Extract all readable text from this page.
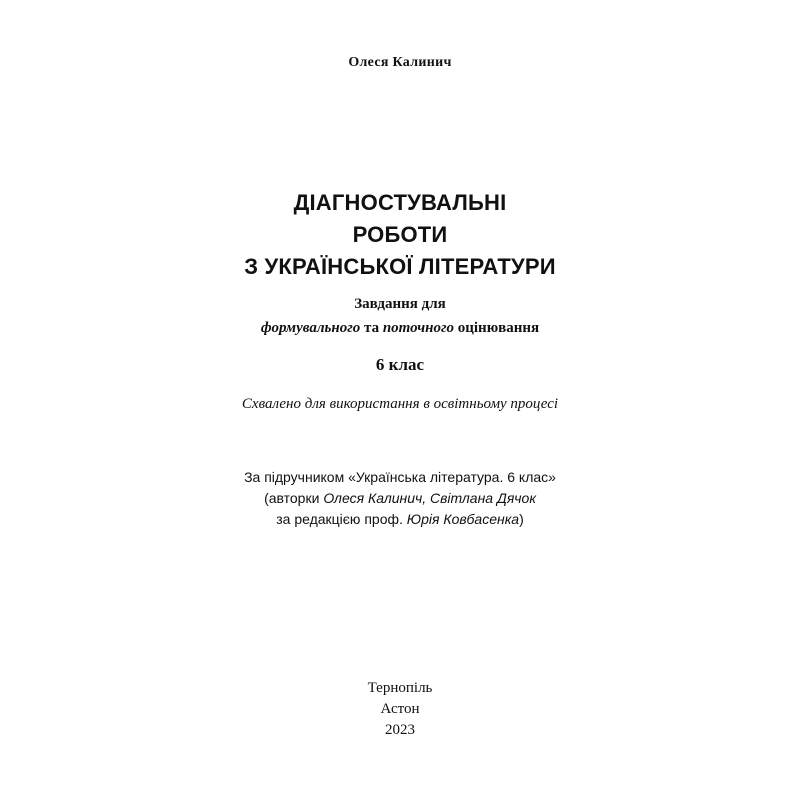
Олеся Калинич
ДІАГНОСТУВАЛЬНІ
РОБОТИ
З УКРАЇНСЬКОЇ ЛІТЕРАТУРИ
Завдання для
формувального та поточного оцінювання
6 клас
Схвалено для використання в освітньому процесі
За підручником «Українська література. 6 клас»
(авторки Олеся Калинич, Світлана Дячок
за редакцією проф. Юрія Ковбасенка)
Тернопіль
Астон
2023
